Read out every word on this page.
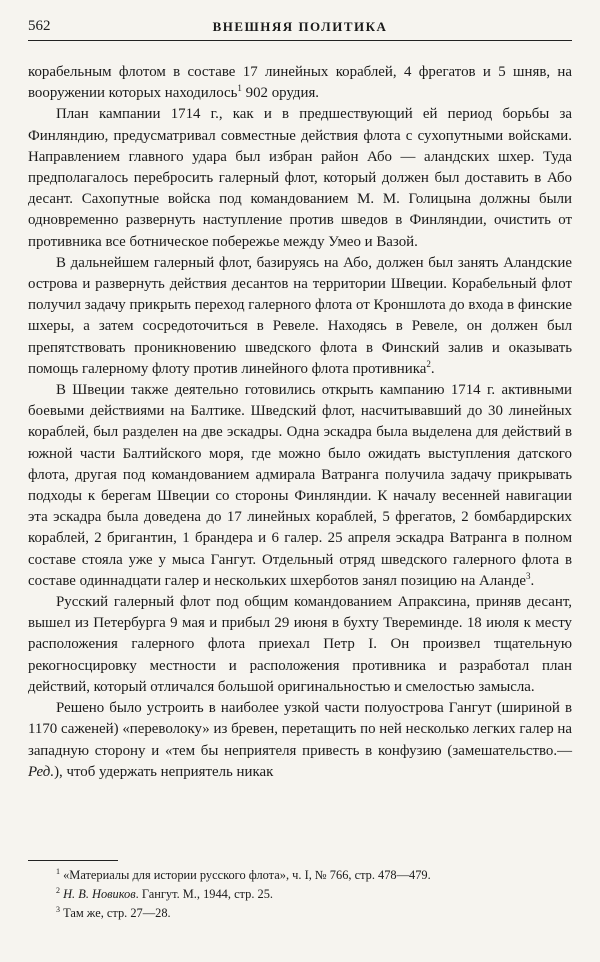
562	ВНЕШНЯЯ ПОЛИТИКА

корабельным флотом в составе 17 линейных кораблей, 4 фрегатов и 5 шняв, на вооружении которых находилось$^1$ 902 орудия.

План кампании 1714 г., как и в предшествующий ей период борьбы за Финляндию, предусматривал совместные действия флота с сухопутными войсками. Направлением главного удара был избран район Або — аландских шхер. Туда предполагалось перебросить галерный флот, который должен был доставить в Або десант. Сахопутные войска под командованием М. М. Голицына должны были одновременно развернуть наступление против шведов в Финляндии, очистить от противника все ботническое побережье между Умео и Вазой.

В дальнейшем галерный флот, базируясь на Або, должен был занять Аландские острова и развернуть действия десантов на территории Швеции. Корабельный флот получил задачу прикрыть переход галерного флота от Кроншлота до входа в финские шхеры, а затем сосредоточиться в Ревеле. Находясь в Ревеле, он должен был препятствовать проникновению шведского флота в Финский залив и оказывать помощь галерному флоту против линейного флота противника$^2$.

В Швеции также деятельно готовились открыть кампанию 1714 г. активными боевыми действиями на Балтике. Шведский флот, насчитывавший до 30 линейных кораблей, был разделен на две эскадры. Одна эскадра была выделена для действий в южной части Балтийского моря, где можно было ожидать выступления датского флота, другая под командованием адмирала Ватранга получила задачу прикрывать подходы к берегам Швеции со стороны Финляндии. К началу весенней навигации эта эскадра была доведена до 17 линейных кораблей, 5 фрегатов, 2 бомбардирских кораблей, 2 бригантин, 1 брандера и 6 галер. 25 апреля эскадра Ватранга в полном составе стояла уже у мыса Гангут. Отдельный отряд шведского галерного флота в составе одиннадцати галер и нескольких шхерботов занял позицию на Аланде$^3$.

Русский галерный флот под общим командованием Апраксина, приняв десант, вышел из Петербурга 9 мая и прибыл 29 июня в бухту Твереминде. 18 июля к месту расположения галерного флота приехал Петр I. Он произвел тщательную рекогносцировку местности и расположения противника и разработал план действий, который отличался большой оригинальностью и смелостью замысла.

Решено было устроить в наиболее узкой части полуострова Гангут (шириной в 1170 саженей) «переволоку» из бревен, перетащить по ней несколько легких галер на западную сторону и «тем бы неприятеля привесть в конфузию (замешательство.— Ред.), чтоб удержать неприятель никак

$^1$ «Материалы для истории русского флота», ч. I, № 766, стр. 478—479.
$^2$ Н. В. Новиков. Гангут. М., 1944, стр. 25.
$^3$ Там же, стр. 27—28.
